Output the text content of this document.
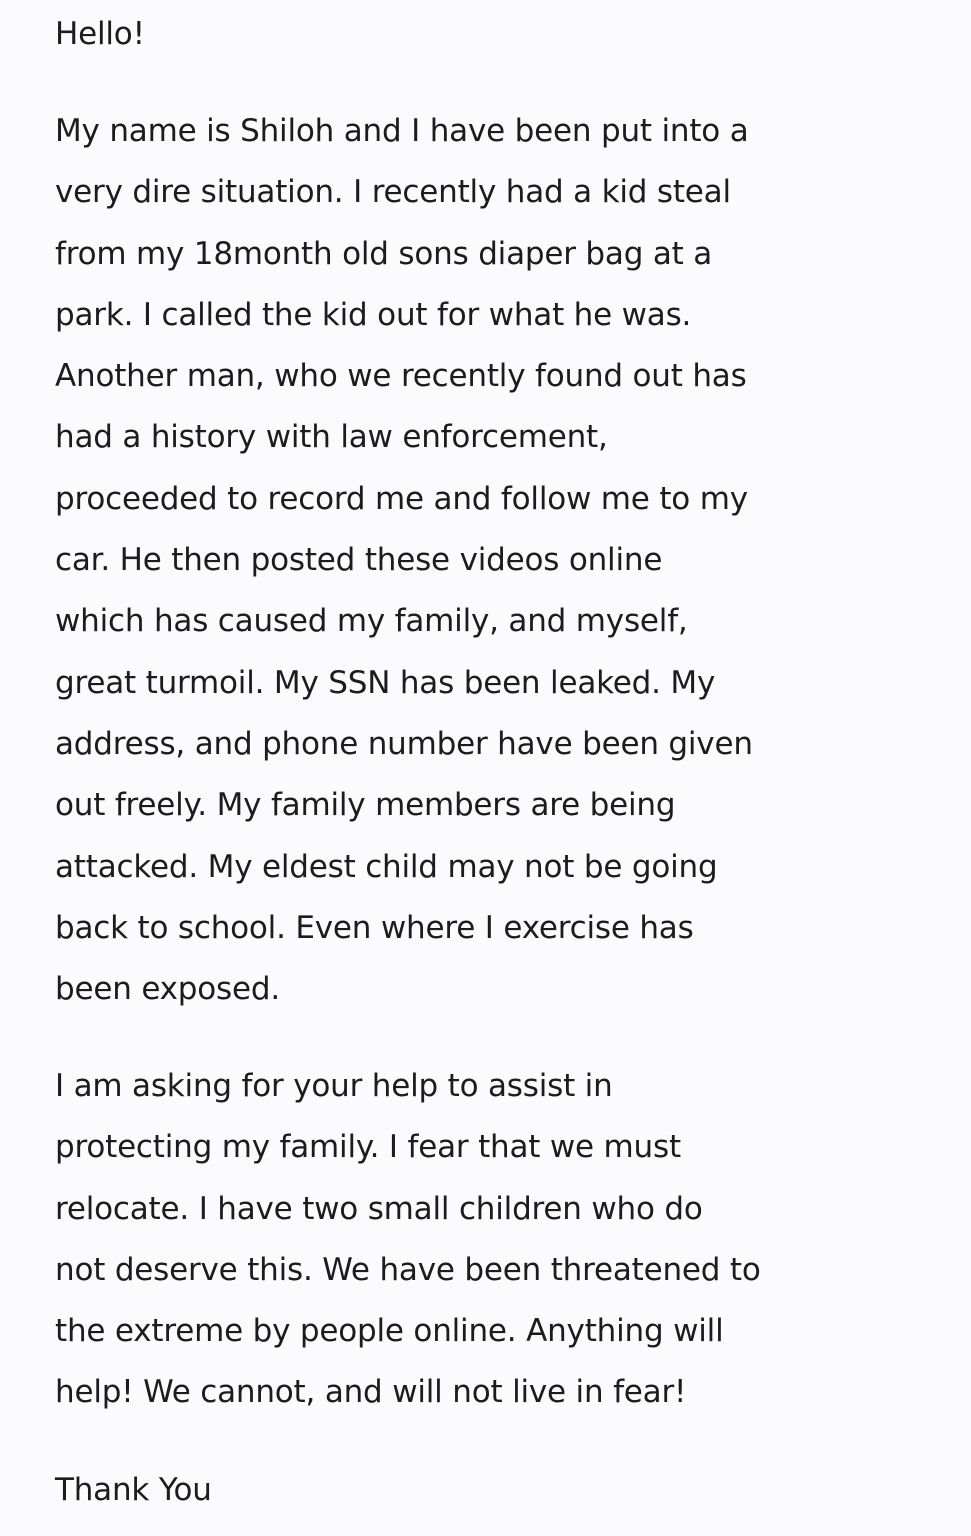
Hello!

My name is Shiloh and I have been put into a
very dire situation. I recently had a kid steal
from my 18month old sons diaper bag at a
park. I called the kid out for what he was.
Another man, who we recently found out has
had a history with law enforcement,
proceeded to record me and follow me to my
car. He then posted these videos online
which has caused my family, and myself,
great turmoil. My SSN has been leaked. My
address, and phone number have been given
out freely. My family members are being
attacked. My eldest child may not be going
back to school. Even where I exercise has
been exposed.

I am asking for your help to assist in
protecting my family. I fear that we must
relocate. I have two small children who do
not deserve this. We have been threatened to
the extreme by people online. Anything will
help! We cannot, and will not live in fear!

Thank You
